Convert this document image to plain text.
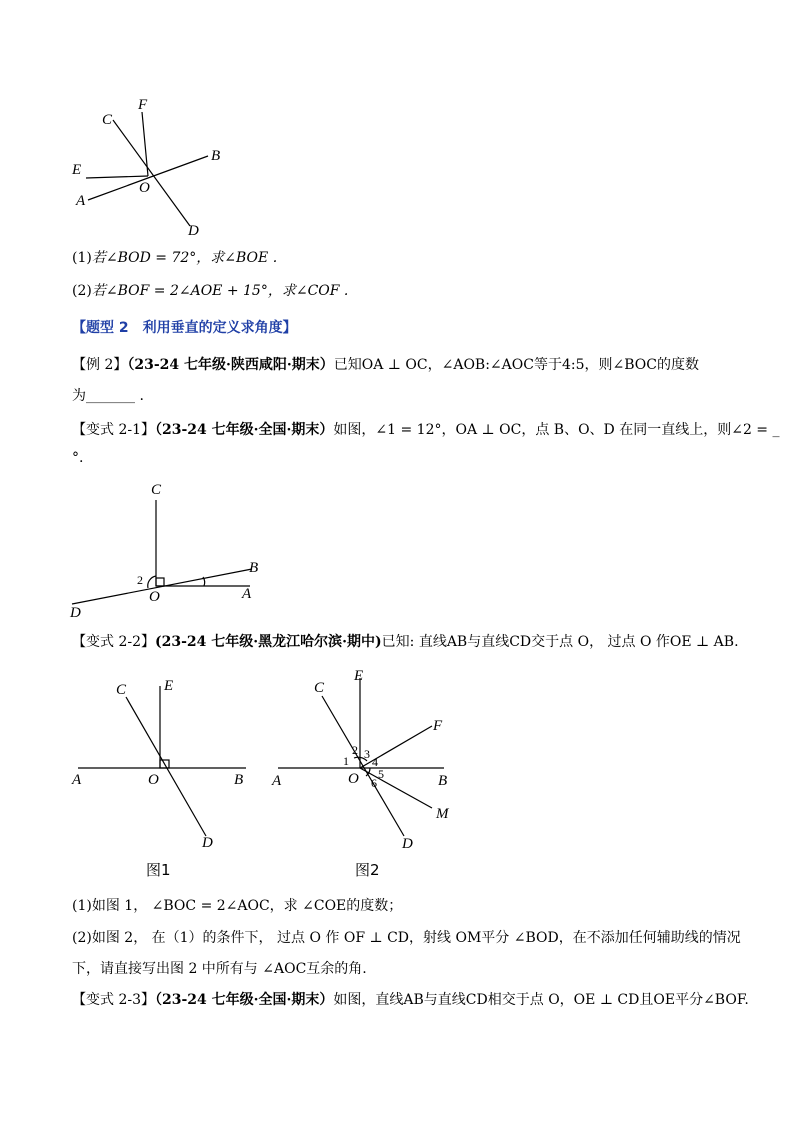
C
F
E
B
A
O
D
(1)若∠BOD = 72°，求∠BOE .
(2)若∠BOF = 2∠AOE + 15°，求∠COF .
【题型 2　利用垂直的定义求角度】
【例 2】（23-24 七年级·陕西咸阳·期末）已知OA ⊥ OC，∠AOB:∠AOC等于4:5，则∠BOC的度数
为_______ .
【变式 2-1】（23-24 七年级·全国·期末）如图，∠1 = 12°，OA ⊥ OC，点 B、O、D 在同一直线上，则∠2 = _
°.
C
B
D
A
O
2
【变式 2-2】(23-24 七年级·黑龙江哈尔滨·期中)已知: 直线AB与直线CD交于点 O， 过点 O 作OE ⊥ AB.
C	E
A	O	B
D
图1
C
E
F
A	O	B
M
D
1
2 3
4
5
6
图2
(1)如图 1， ∠BOC = 2∠AOC，求 ∠COE的度数；
(2)如图 2， 在（1）的条件下， 过点 O 作 OF ⊥ CD，射线 OM平分 ∠BOD，在不添加任何辅助线的情况
下，请直接写出图 2 中所有与 ∠AOC互余的角.
【变式 2-3】（23-24 七年级·全国·期末）如图，直线AB与直线CD相交于点 O，OE ⊥ CD且OE平分∠BOF.
